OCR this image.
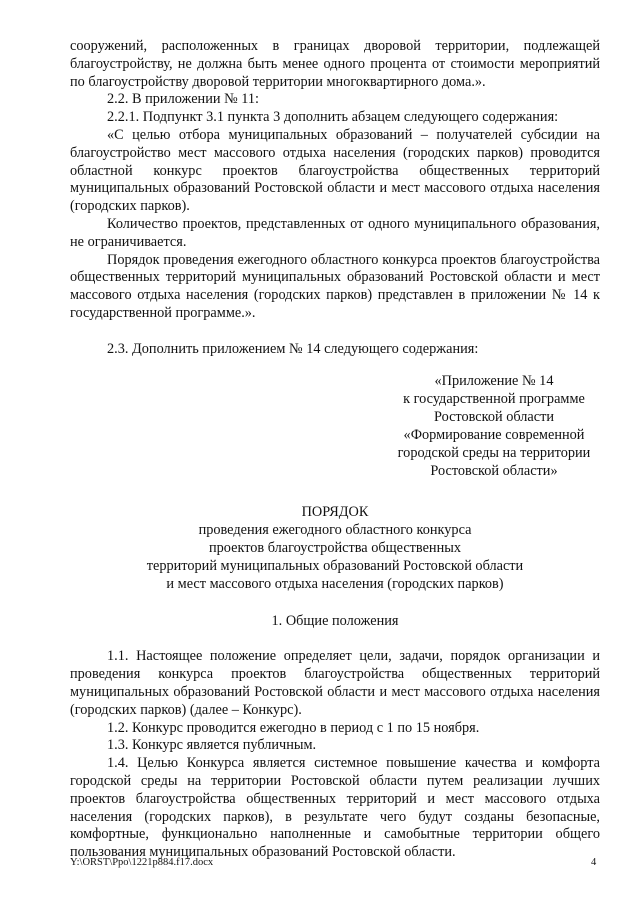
сооружений, расположенных в границах дворовой территории, подлежащей благоустройству, не должна быть менее одного процента от стоимости мероприятий по благоустройству дворовой территории многоквартирного дома.».

2.2. В приложении № 11:

2.2.1. Подпункт 3.1 пункта 3 дополнить абзацем следующего содержания:

«С целью отбора муниципальных образований – получателей субсидии на благоустройство мест массового отдыха населения (городских парков) проводится областной конкурс проектов благоустройства общественных территорий муниципальных образований Ростовской области и мест массового отдыха населения (городских парков).

Количество проектов, представленных от одного муниципального образования, не ограничивается.

Порядок проведения ежегодного областного конкурса проектов благоустройства общественных территорий муниципальных образований Ростовской области и мест массового отдыха населения (городских парков) представлен в приложении № 14 к государственной программе.».

2.3. Дополнить приложением № 14 следующего содержания:

«Приложение № 14
к государственной программе
Ростовской области
«Формирование современной
городской среды на территории
Ростовской области»
ПОРЯДОК
проведения ежегодного областного конкурса
проектов благоустройства общественных
территорий муниципальных образований Ростовской области
и мест массового отдыха населения (городских парков)
1. Общие положения

1.1. Настоящее положение определяет цели, задачи, порядок организации и проведения конкурса проектов благоустройства общественных территорий муниципальных образований Ростовской области и мест массового отдыха населения (городских парков) (далее – Конкурс).

1.2. Конкурс проводится ежегодно в период с 1 по 15 ноября.

1.3. Конкурс является публичным.

1.4. Целью Конкурса является системное повышение качества и комфорта городской среды на территории Ростовской области путем реализации лучших проектов благоустройства общественных территорий и мест массового отдыха населения (городских парков), в результате чего будут созданы безопасные, комфортные, функционально наполненные и самобытные территории общего пользования муниципальных образований Ростовской области.

Y:\ORST\Ppo\1221p884.f17.docx	4
